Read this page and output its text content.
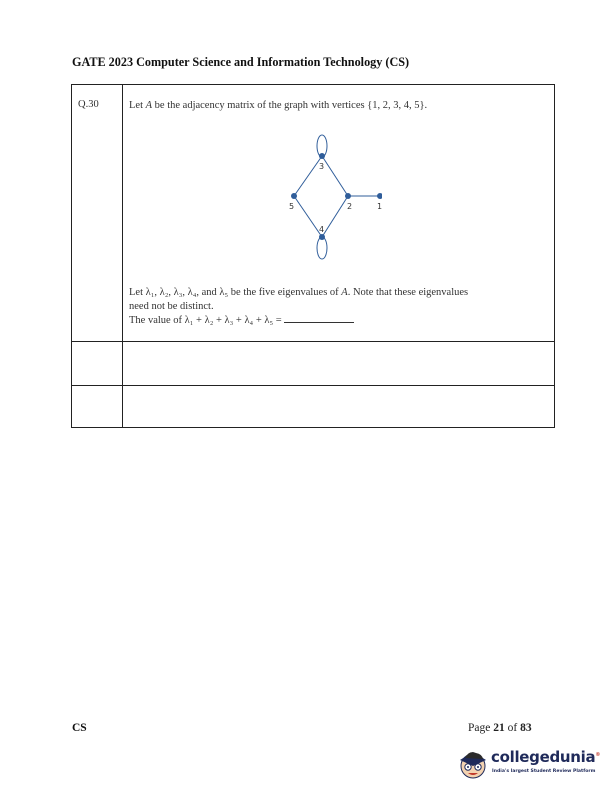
GATE 2023 Computer Science and Information Technology (CS)
Q.30	Let A be the adjacency matrix of the graph with vertices {1, 2, 3, 4, 5}.
3
5	2	1
4
Let λ₁, λ₂, λ₃, λ₄, and λ₅ be the five eigenvalues of A. Note that these eigenvalues
need not be distinct.
The value of λ₁ + λ₂ + λ₃ + λ₄ + λ₅ =
CS	Page 21 of 83
collegedunia®
India's largest Student Review Platform
